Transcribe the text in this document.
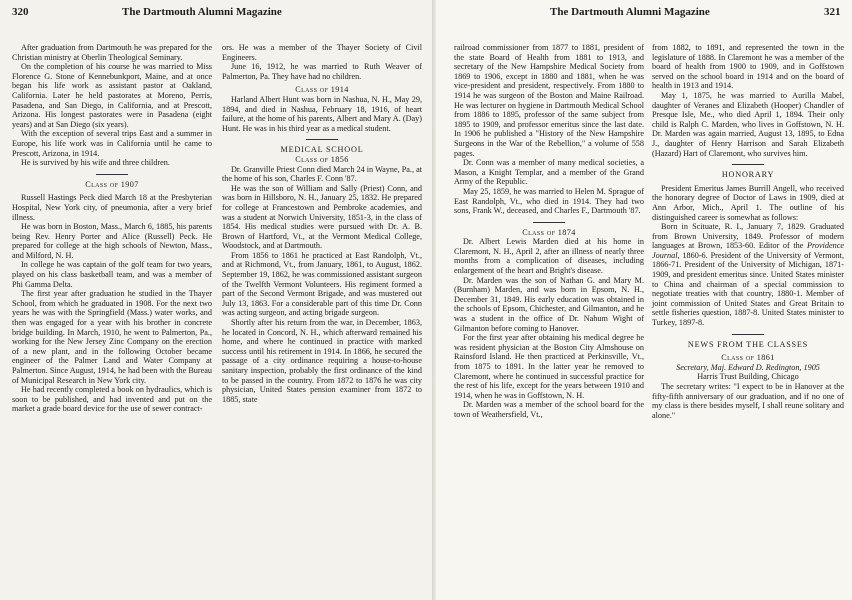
320	The Dartmouth Alumni Magazine

After graduation from Dartmouth he was prepared for the Christian ministry at Oberlin Theological Seminary.

On the completion of his course he was married to Miss Florence G. Stone of Kennebunkport, Maine, and at once began his life work as assistant pastor at Oakland, California. Later he held pastorates at Moreno, Perris, Pasadena, and San Diego, in California, and at Prescott, Arizona. His longest pastorates were in Pasadena (eight years) and at San Diego (six years).

With the exception of several trips East and a summer in Europe, his life work was in California until he came to Prescott, Arizona, in 1914.

He is survived by his wife and three children.

Class of 1907

Russell Hastings Peck died March 18 at the Presbyterian Hospital, New York city, of pneumonia, after a very brief illness.

He was born in Boston, Mass., March 6, 1885, his parents being Rev. Henry Porter and Alice (Russell) Peck. He prepared for college at the high schools of Newton, Mass., and Milford, N. H.

In college he was captain of the golf team for two years, played on his class basketball team, and was a member of Phi Gamma Delta.

The first year after graduation he studied in the Thayer School, from which he graduated in 1908. For the next two years he was with the Springfield (Mass.) water works, and then was engaged for a year with his brother in concrete bridge building. In March, 1910, he went to Palmerton, Pa., working for the New Jersey Zinc Company on the erection of a new plant, and in the following October became engineer of the Palmer Land and Water Company at Palmerton. Since August, 1914, he had been with the Bureau of Municipal Research in New York city.

He had recently completed a book on hydraulics, which is soon to be published, and had invented and put on the market a grade board device for the use of sewer contract-

ors. He was a member of the Thayer Society of Civil Engineers.

June 16, 1912, he was married to Ruth Weaver of Palmerton, Pa. They have had no children.

Class of 1914

Harland Albert Hunt was born in Nashua, N. H., May 29, 1894, and died in Nashua, February 18, 1916, of heart failure, at the home of his parents, Albert and Mary A. (Day) Hunt. He was in his third year as a medical student.

MEDICAL SCHOOL

Class of 1856

Dr. Granville Priest Conn died March 24 in Wayne, Pa., at the home of his son, Charles F. Conn '87.

He was the son of William and Sally (Priest) Conn, and was born in Hillsboro, N. H., January 25, 1832. He prepared for college at Francestown and Pembroke academies, and was a student at Norwich University, 1851-3, in the class of 1854. His medical studies were pursued with Dr. A. B. Brown of Hartford, Vt., at the Vermont Medical College, Woodstock, and at Dartmouth.

From 1856 to 1861 he practiced at East Randolph, Vt., and at Richmond, Vt., from January, 1861, to August, 1862. September 19, 1862, he was commissioned assistant surgeon of the Twelfth Vermont Volunteers. His regiment formed a part of the Second Vermont Brigade, and was mustered out July 13, 1863. For a considerable part of this time Dr. Conn was acting surgeon, and acting brigade surgeon.

Shortly after his return from the war, in December, 1863, he located in Concord, N. H., which afterward remained his home, and where he continued in practice with marked success until his retirement in 1914. In 1866, he secured the passage of a city ordinance requiring a house-to-house sanitary inspection, probably the first ordinance of the kind to be passed in the country. From 1872 to 1876 he was city physician, United States pension examiner from 1872 to 1885, state

The Dartmouth Alumni Magazine	321

railroad commissioner from 1877 to 1881, president of the state Board of Health from 1881 to 1913, and secretary of the New Hampshire Medical Society from 1869 to 1906, except in 1880 and 1881, when he was vice-president and president, respectively. From 1880 to 1914 he was surgeon of the Boston and Maine Railroad. He was lecturer on hygiene in Dartmouth Medical School from 1886 to 1895, professor of the same subject from 1895 to 1909, and professor emeritus since the last date. In 1906 he published a "History of the New Hampshire Surgeons in the War of the Rebellion," a volume of 558 pages.

Dr. Conn was a member of many medical societies, a Mason, a Knight Templar, and a member of the Grand Army of the Republic.

May 25, 1859, he was married to Helen M. Sprague of East Randolph, Vt., who died in 1914. They had two sons, Frank W., deceased, and Charles F., Dartmouth '87.

Class of 1874

Dr. Albert Lewis Marden died at his home in Claremont, N. H., April 2, after an illness of nearly three months from a complication of diseases, including enlargement of the heart and Bright's disease.

Dr. Marden was the son of Nathan G. and Mary M. (Burnham) Marden, and was born in Epsom, N. H., December 31, 1849. His early education was obtained in the schools of Epsom, Chichester, and Gilmanton, and he was a student in the office of Dr. Nahum Wight of Gilmanton before coming to Hanover.

For the first year after obtaining his medical degree he was resident physician at the Boston City Almshouse on Rainsford Island. He then practiced at Perkinsville, Vt., from 1875 to 1891. In the latter year he removed to Claremont, where he continued in successful practice for the rest of his life, except for the years between 1910 and 1914, when he was in Goffstown, N. H.

Dr. Marden was a member of the school board for the town of Weathersfield, Vt.,

from 1882, to 1891, and represented the town in the legislature of 1888. In Claremont he was a member of the board of health from 1900 to 1909, and in Goffstown served on the school board in 1914 and on the board of health in 1913 and 1914.

May 1, 1875, he was married to Aurilla Mabel, daughter of Veranes and Elizabeth (Hooper) Chandler of Presque Isle, Me., who died April 1, 1894. Their only child is Ralph C. Marden, who lives in Goffstown, N. H. Dr. Marden was again married, August 13, 1895, to Edna J., daughter of Henry Harrison and Sarah Elizabeth (Hazard) Hart of Claremont, who survives him.

HONORARY

President Emeritus James Burrill Angell, who received the honorary degree of Doctor of Laws in 1909, died at Ann Arbor, Mich., April 1. The outline of his distinguished career is somewhat as follows:

Born in Scituate, R. I., January 7, 1829. Graduated from Brown University, 1849. Professor of modern languages at Brown, 1853-60. Editor of the Providence Journal, 1860-6. President of the University of Vermont, 1866-71. President of the University of Michigan, 1871-1909, and president emeritus since. United States minister to China and chairman of a special commission to negotiate treaties with that country, 1880-1. Member of joint commission of United States and Great Britain to settle fisheries question, 1887-8. United States minister to Turkey, 1897-8.

NEWS FROM THE CLASSES

Class of 1861

Secretary, Maj. Edward D. Redington, 1905

Harris Trust Building, Chicago

The secretary writes: "I expect to be in Hanover at the fifty-fifth anniversary of our graduation, and if no one of my class is there besides myself, I shall reune solitary and alone."
